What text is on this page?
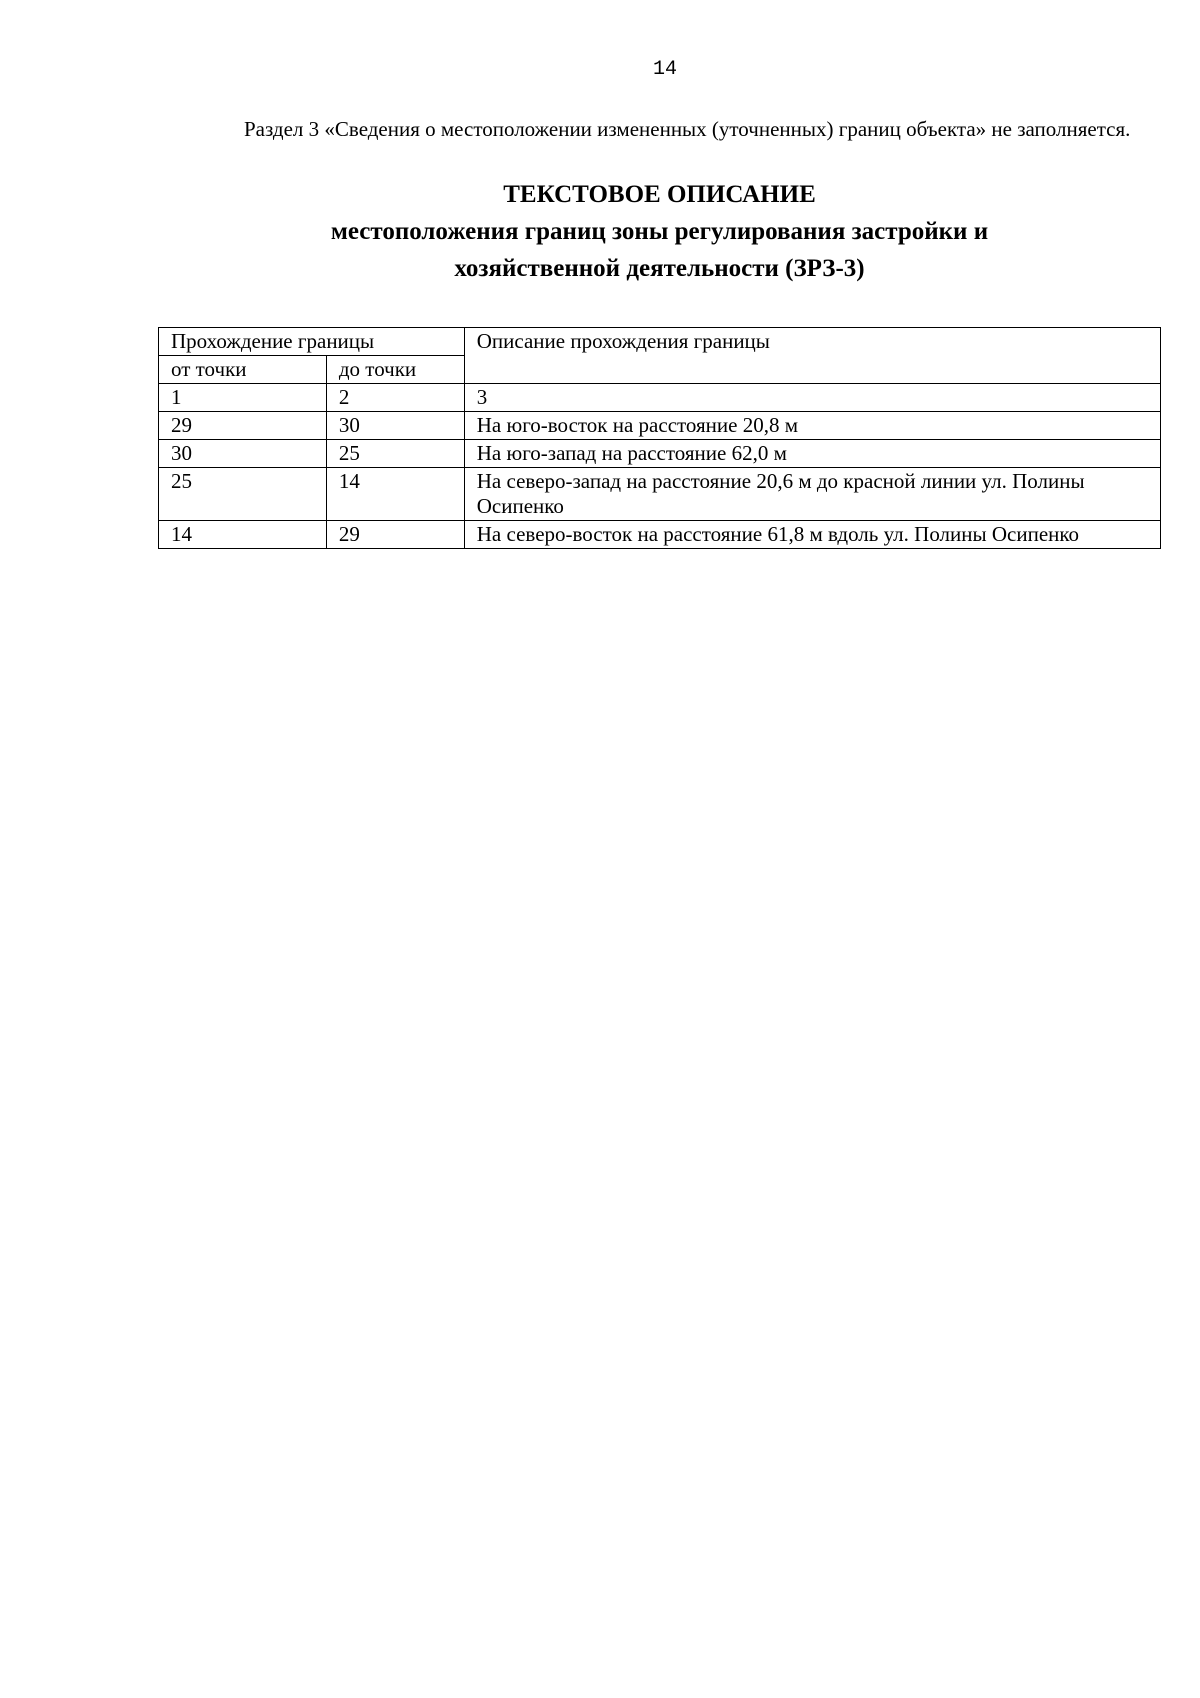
14

Раздел 3 «Сведения о местоположении измененных (уточненных) границ объекта» не заполняется.

ТЕКСТОВОЕ ОПИСАНИЕ
местоположения границ зоны регулирования застройки и
хозяйственной деятельности (ЗРЗ-3)
Прохождение границы		Описание прохождения границы
от точки	до точки	
1	2	3
29	30	На юго-восток на расстояние 20,8 м
30	25	На юго-запад на расстояние 62,0 м
25	14	На северо-запад на расстояние 20,6 м до красной линии ул. Полины Осипенко
14	29	На северо-восток на расстояние 61,8 м вдоль ул. Полины Осипенко
